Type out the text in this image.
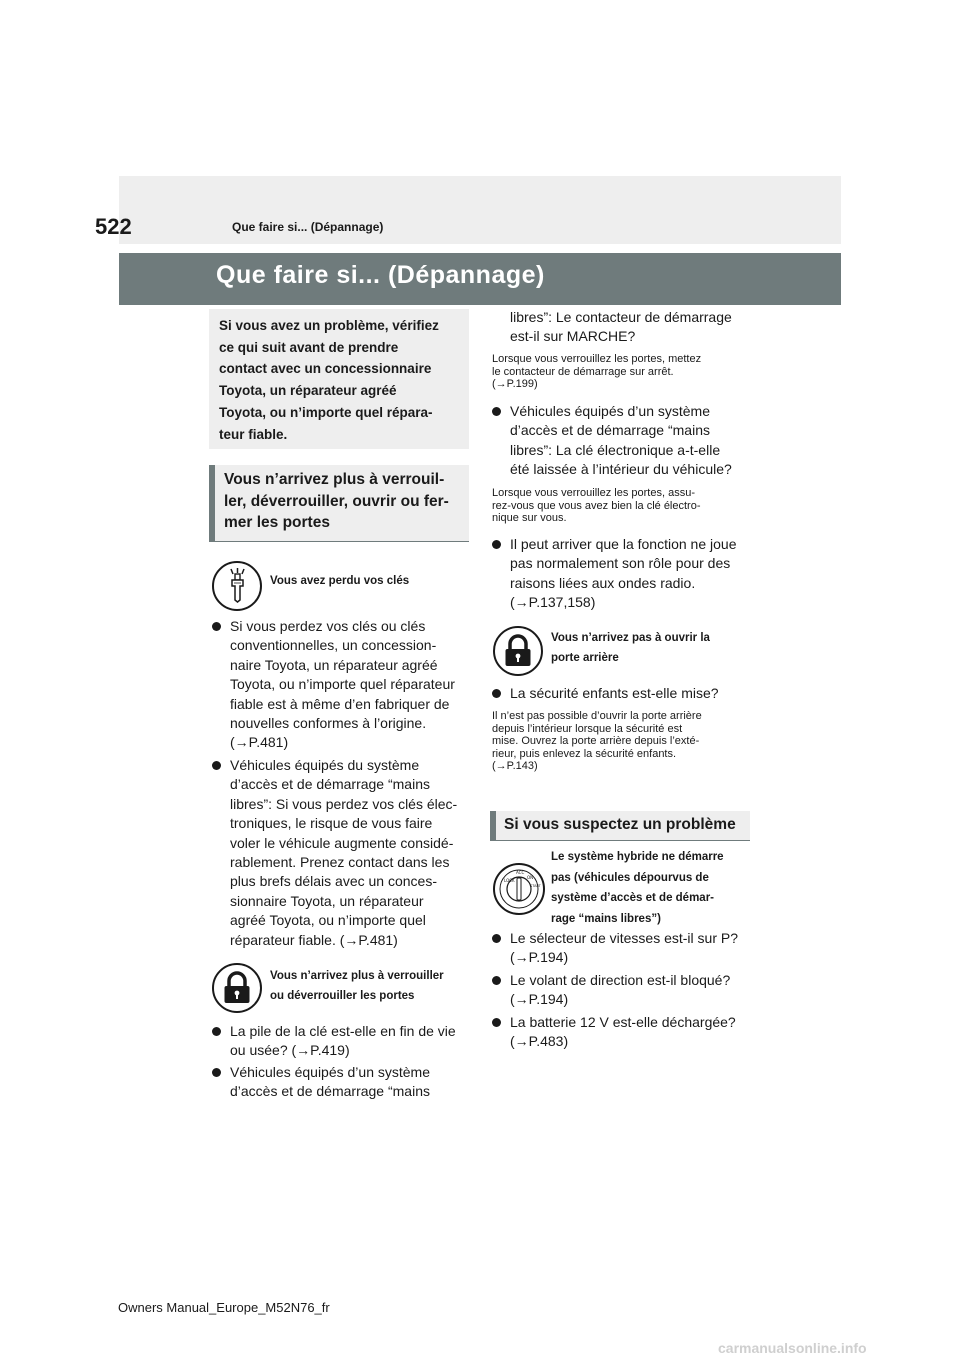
522	Que faire si... (Dépannage)
Que faire si... (Dépannage)

Si vous avez un problème, vérifiez

ce qui suit avant de prendre

contact avec un concessionnaire

Toyota, un réparateur agréé

Toyota, ou n’importe quel répara-

teur fiable.

Vous n’arrivez plus à verrouil-

ler, déverrouiller, ouvrir ou fer-

mer les portes

Vous avez perdu vos clés
Si vous perdez vos clés ou clés
conventionnelles, un concession-
naire Toyota, un réparateur agréé
Toyota, ou n’importe quel réparateur
fiable est à même d’en fabriquer de
nouvelles conformes à l’origine.
(→P.481)
Véhicules équipés du système
d’accès et de démarrage “mains
libres”: Si vous perdez vos clés élec-
troniques, le risque de vous faire
voler le véhicule augmente considé-
rablement. Prenez contact dans les
plus brefs délais avec un conces-
sionnaire Toyota, un réparateur
agréé Toyota, ou n’importe quel
réparateur fiable. (→P.481)
Vous n’arrivez plus à verrouiller
ou déverrouiller les portes
La pile de la clé est-elle en fin de vie
ou usée? (→P.419)
Véhicules équipés d’un système
d’accès et de démarrage “mains
libres”: Le contacteur de démarrage
est-il sur MARCHE?
Lorsque vous verrouillez les portes, mettez
le contacteur de démarrage sur arrêt.
(→P.199)
Véhicules équipés d’un système
d’accès et de démarrage “mains
libres”: La clé électronique a-t-elle
été laissée à l’intérieur du véhicule?
Lorsque vous verrouillez les portes, assu-
rez-vous que vous avez bien la clé électro-
nique sur vous.
Il peut arriver que la fonction ne joue
pas normalement son rôle pour des
raisons liées aux ondes radio.
(→P.137,158)
Vous n’arrivez pas à ouvrir la
porte arrière
La sécurité enfants est-elle mise?
Il n’est pas possible d’ouvrir la porte arrière
depuis l’intérieur lorsque la sécurité est
mise. Ouvrez la porte arrière depuis l’exté-
rieur, puis enlevez la sécurité enfants.
(→P.143)

Si vous suspectez un problème

LOCK
ACC
ON
START
Le système hybride ne démarre
pas (véhicules dépourvus de
système d’accès et de démar-
rage “mains libres”)
Le sélecteur de vitesses est-il sur P?
(→P.194)
Le volant de direction est-il bloqué?
(→P.194)
La batterie 12 V est-elle déchargée?
(→P.483)
Owners Manual_Europe_M52N76_fr
carmanualsonline.info
